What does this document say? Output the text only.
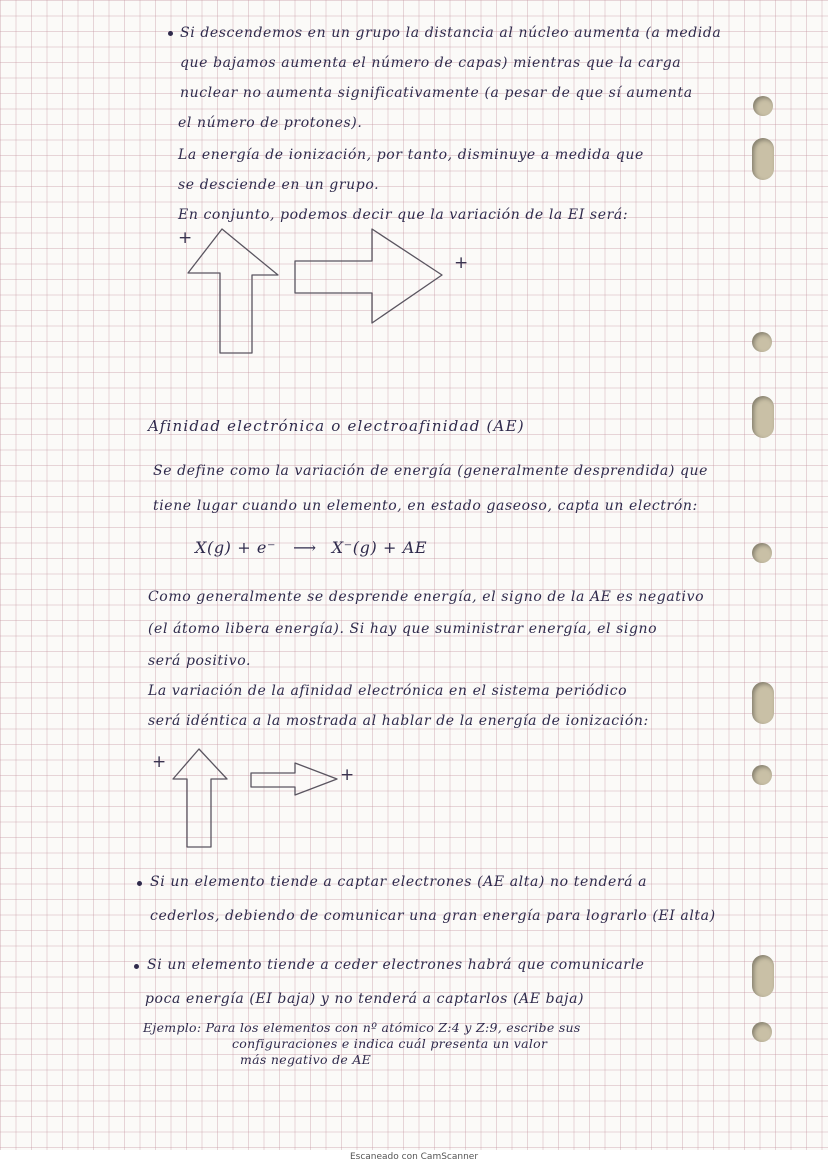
Si descendemos en un grupo la distancia al núcleo aumenta (a medida

que bajamos aumenta el número de capas) mientras que la carga

nuclear no aumenta significativamente (a pesar de que sí aumenta

el número de protones).

La energía de ionización, por tanto, disminuye a medida que

se desciende en un grupo.

En conjunto, podemos decir que la variación de la EI será:

+
+

Afinidad electrónica o electroafinidad (AE)

Se define como la variación de energía (generalmente desprendida) que

tiene lugar cuando un elemento, en estado gaseoso, capta un electrón:

X(g) + e⁻ ⟶ X⁻(g) + AE

Como generalmente se desprende energía, el signo de la AE es negativo

(el átomo libera energía). Si hay que suministrar energía, el signo

será positivo.

La variación de la afinidad electrónica en el sistema periódico

será idéntica a la mostrada al hablar de la energía de ionización:

+
+

Si un elemento tiende a captar electrones (AE alta) no tenderá a

cederlos, debiendo de comunicar una gran energía para lograrlo (EI alta)

Si un elemento tiende a ceder electrones habrá que comunicarle

poca energía (EI baja) y no tenderá a captarlos (AE baja)

Ejemplo: Para los elementos con nº atómico Z:4 y Z:9, escribe sus

configuraciones e indica cuál presenta un valor

más negativo de AE

Escaneado con CamScanner
